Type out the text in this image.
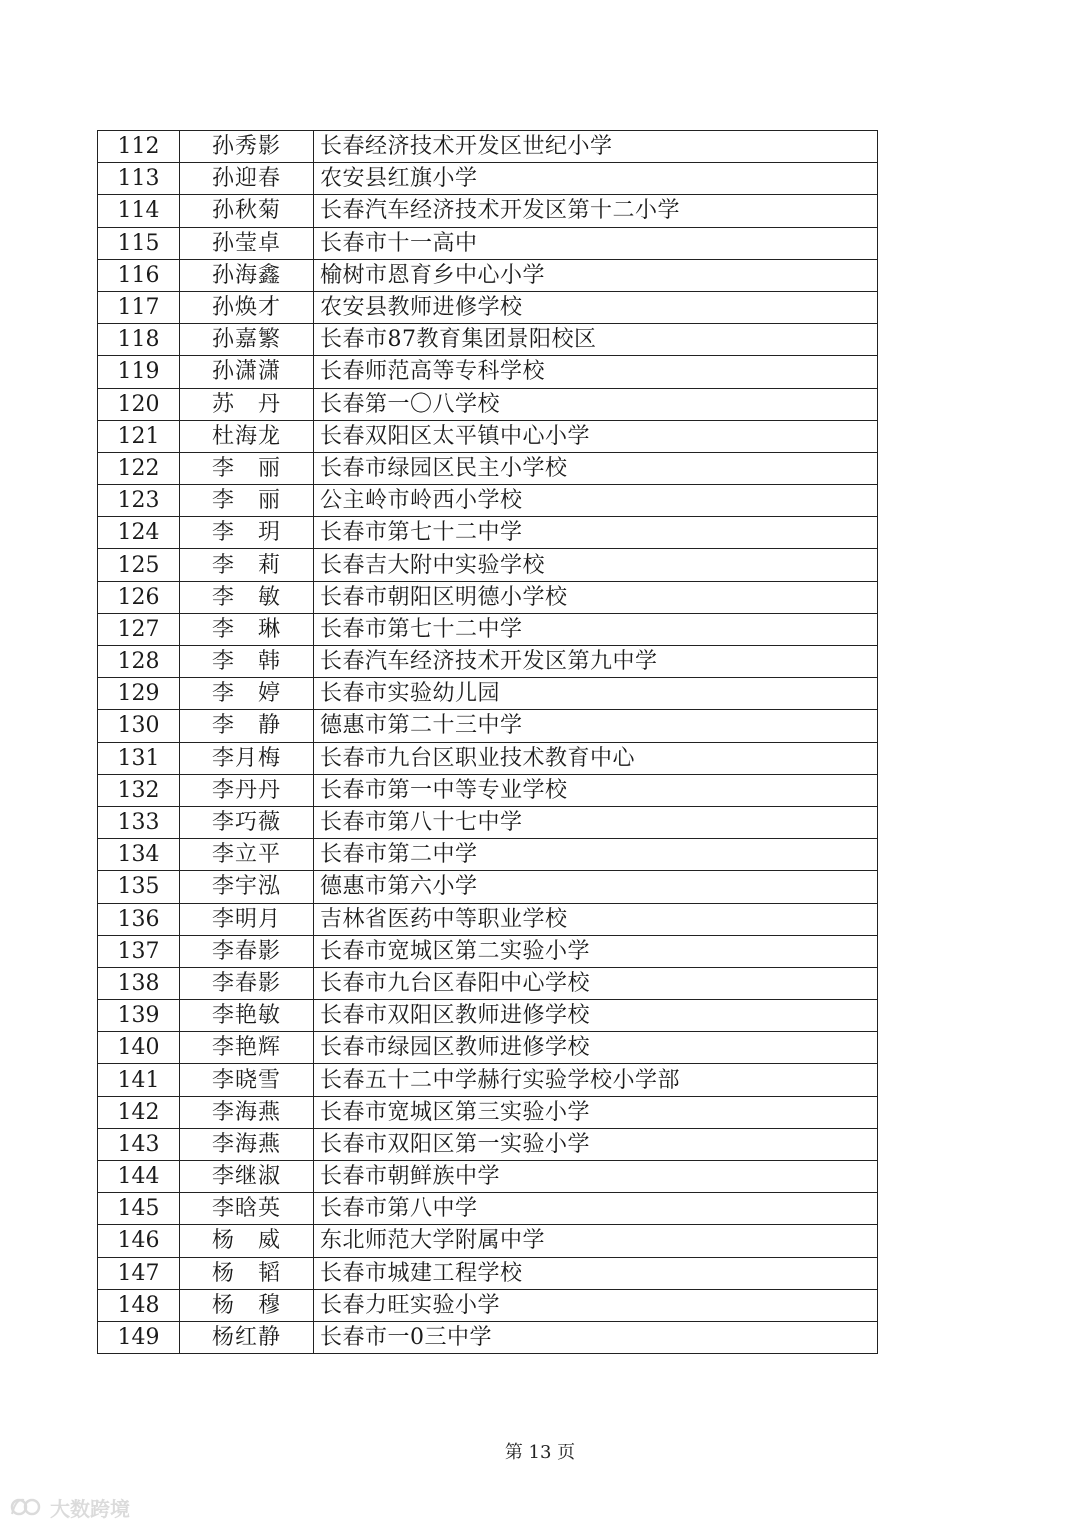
112	孙秀影	长春经济技术开发区世纪小学
113	孙迎春	农安县红旗小学
114	孙秋菊	长春汽车经济技术开发区第十二小学
115	孙莹卓	长春市十一高中
116	孙海鑫	榆树市恩育乡中心小学
117	孙焕才	农安县教师进修学校
118	孙嘉繁	长春市87教育集团景阳校区
119	孙潇潇	长春师范高等专科学校
120	苏　丹	长春第一〇八学校
121	杜海龙	长春双阳区太平镇中心小学
122	李　丽	长春市绿园区民主小学校
123	李　丽	公主岭市岭西小学校
124	李　玥	长春市第七十二中学
125	李　莉	长春吉大附中实验学校
126	李　敏	长春市朝阳区明德小学校
127	李　琳	长春市第七十二中学
128	李　韩	长春汽车经济技术开发区第九中学
129	李　婷	长春市实验幼儿园
130	李　静	德惠市第二十三中学
131	李月梅	长春市九台区职业技术教育中心
132	李丹丹	长春市第一中等专业学校
133	李巧薇	长春市第八十七中学
134	李立平	长春市第二中学
135	李宇泓	德惠市第六小学
136	李明月	吉林省医药中等职业学校
137	李春影	长春市宽城区第二实验小学
138	李春影	长春市九台区春阳中心学校
139	李艳敏	长春市双阳区教师进修学校
140	李艳辉	长春市绿园区教师进修学校
141	李晓雪	长春五十二中学赫行实验学校小学部
142	李海燕	长春市宽城区第三实验小学
143	李海燕	长春市双阳区第一实验小学
144	李继淑	长春市朝鲜族中学
145	李晗英	长春市第八中学
146	杨　威	东北师范大学附属中学
147	杨　韬	长春市城建工程学校
148	杨　穆	长春力旺实验小学
149	杨红静	长春市一0三中学
第 13 页
大数跨境
